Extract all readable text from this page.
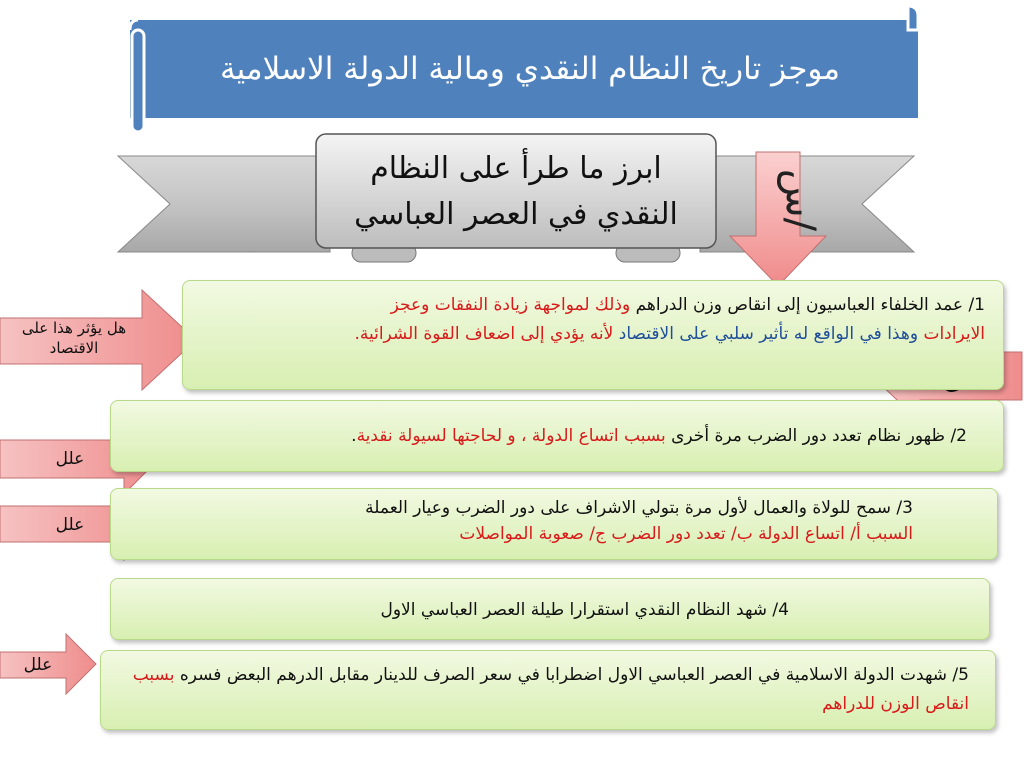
موجز تاريخ النظام النقدي ومالية الدولة الاسلامية
ابرز ما طرأ على النظام
النقدي في العصر العباسي	س/
هل يؤثر هذا على الاقتصاد
علل
علل
علل

1/ عمد الخلفاء العباسيون إلى انقاص وزن الدراهم وذلك لمواجهة زيادة النفقات وعجز الايرادات وهذا في الواقع له تأثير سلبي على الاقتصاد لأنه يؤدي إلى اضعاف القوة الشرائية.

2/ ظهور نظام تعدد دور الضرب مرة أخرى بسبب اتساع الدولة ، و لحاجتها لسيولة نقدية.

3/ سمح للولاة والعمال لأول مرة بتولي الاشراف على دور الضرب وعيار العملة

السبب أ/ اتساع الدولة ب/ تعدد دور الضرب ج/ صعوبة المواصلات

4/ شهد النظام النقدي استقرارا طيلة العصر العباسي الاول

5/ شهدت الدولة الاسلامية في العصر العباسي الاول اضطرابا في سعر الصرف للدينار مقابل الدرهم البعض فسره بسبب انقاص الوزن للدراهم
